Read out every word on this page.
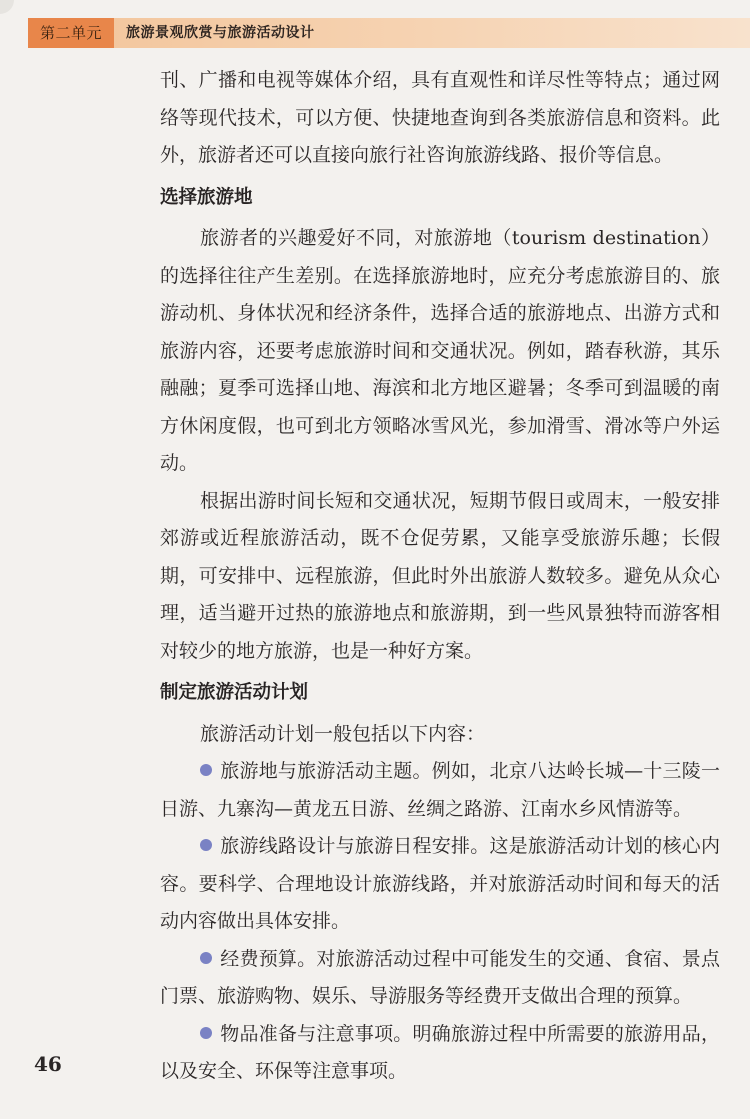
第二单元	旅游景观欣赏与旅游活动设计

刊、广播和电视等媒体介绍，具有直观性和详尽性等特点；通过网络等现代技术，可以方便、快捷地查询到各类旅游信息和资料。此外，旅游者还可以直接向旅行社咨询旅游线路、报价等信息。

选择旅游地

旅游者的兴趣爱好不同，对旅游地（tourism destination）的选择往往产生差别。在选择旅游地时，应充分考虑旅游目的、旅游动机、身体状况和经济条件，选择合适的旅游地点、出游方式和旅游内容，还要考虑旅游时间和交通状况。例如，踏春秋游，其乐融融；夏季可选择山地、海滨和北方地区避暑；冬季可到温暖的南方休闲度假，也可到北方领略冰雪风光，参加滑雪、滑冰等户外运动。

根据出游时间长短和交通状况，短期节假日或周末，一般安排郊游或近程旅游活动，既不仓促劳累，又能享受旅游乐趣；长假期，可安排中、远程旅游，但此时外出旅游人数较多。避免从众心理，适当避开过热的旅游地点和旅游期，到一些风景独特而游客相对较少的地方旅游，也是一种好方案。

制定旅游活动计划

旅游活动计划一般包括以下内容：

旅游地与旅游活动主题。例如，北京八达岭长城—十三陵一日游、九寨沟—黄龙五日游、丝绸之路游、江南水乡风情游等。

旅游线路设计与旅游日程安排。这是旅游活动计划的核心内容。要科学、合理地设计旅游线路，并对旅游活动时间和每天的活动内容做出具体安排。

经费预算。对旅游活动过程中可能发生的交通、食宿、景点门票、旅游购物、娱乐、导游服务等经费开支做出合理的预算。

物品准备与注意事项。明确旅游过程中所需要的旅游用品，以及安全、环保等注意事项。

46
